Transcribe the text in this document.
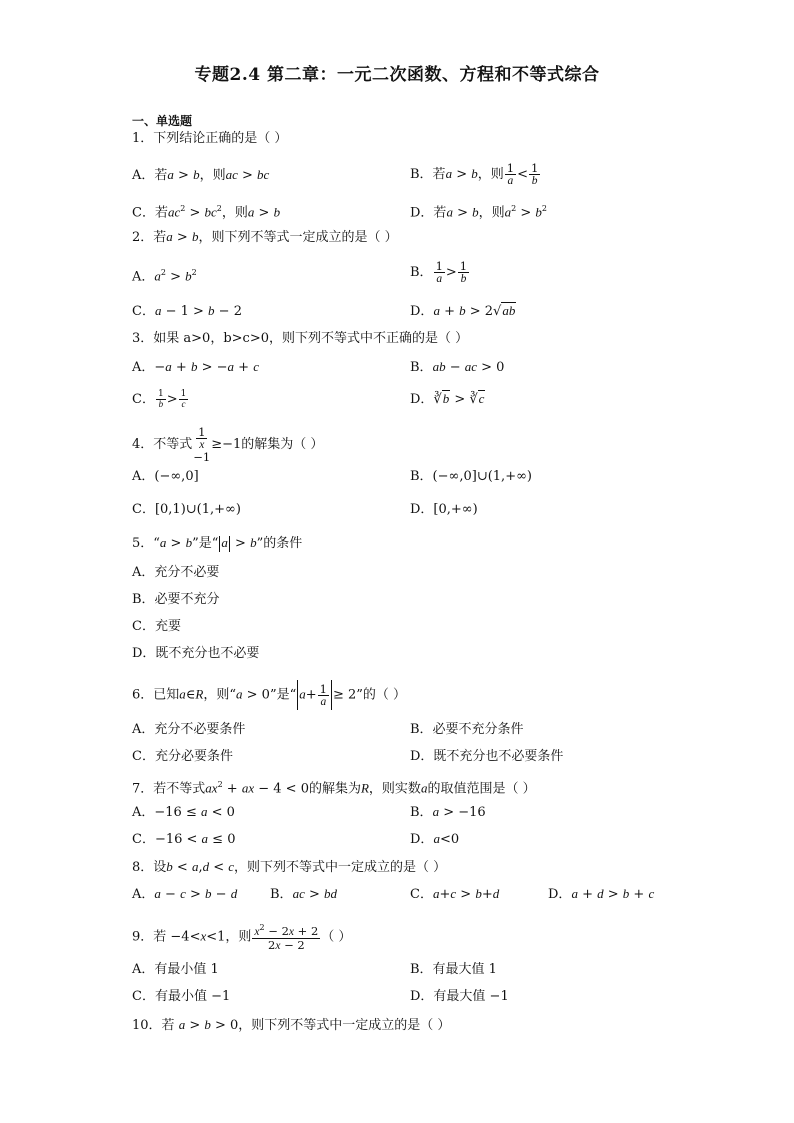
专题2.4 第二章：一元二次函数、方程和不等式综合
一、单选题
1．下列结论正确的是（ ）
A．若a > b，则ac > bc	B．若a > b，则 $\frac{1}{a} < \frac{1}{b}$
C．若$ac^2 > bc^2$，则a > b	D．若a > b，则$a^2 > b^2$
2．若a > b，则下列不等式一定成立的是（ ）
A．$a^2 > b^2$	B． $\frac{1}{a} > \frac{1}{b}$
C．a − 1 > b − 2	D．a + b > 2√ab
3．如果 a>0，b>c>0，则下列不等式中不正确的是（ ）
A．−a + b > −a + c	B．ab − ac > 0
C． $\frac{1}{b} > \frac{1}{c}$	D．∛b > ∛c
4．不等式
1
x
−1≥−1的解集为（ ）
A．(−∞,0]	B．(−∞,0]∪(1,+∞)
C．[0,1)∪(1,+∞)	D．[0,+∞)
5．“a > b”是“ a > b”的条件
A．充分不必要
B．必要不充分
C．充要
D．既不充分也不必要
6．已知a∈R，则“a > 0”是“ $a+ \frac{1}{a} \ge 2$”的（ ）
A．充分不必要条件	B．必要不充分条件
C．充分必要条件	D．既不充分也不必要条件
7．若不等式$ax^2$ + ax − 4 < 0的解集为R，则实数a的取值范围是（ ）
A．−16 ≤ a < 0	B．a > −16
C．−16 < a ≤ 0	D．a<0
8．设b < a,d < c，则下列不等式中一定成立的是（ ）
A．a − c > b − d	B．ac > bd	C．a+c > b+d	D．a + d > b + c
9．若 −4<x<1，则 $\frac{x^2 - 2x + 2}{2x - 2}$ （ ）
A．有最小值 1	B．有最大值 1
C．有最小值 −1	D．有最大值 −1
10．若 a > b > 0，则下列不等式中一定成立的是（ ）
